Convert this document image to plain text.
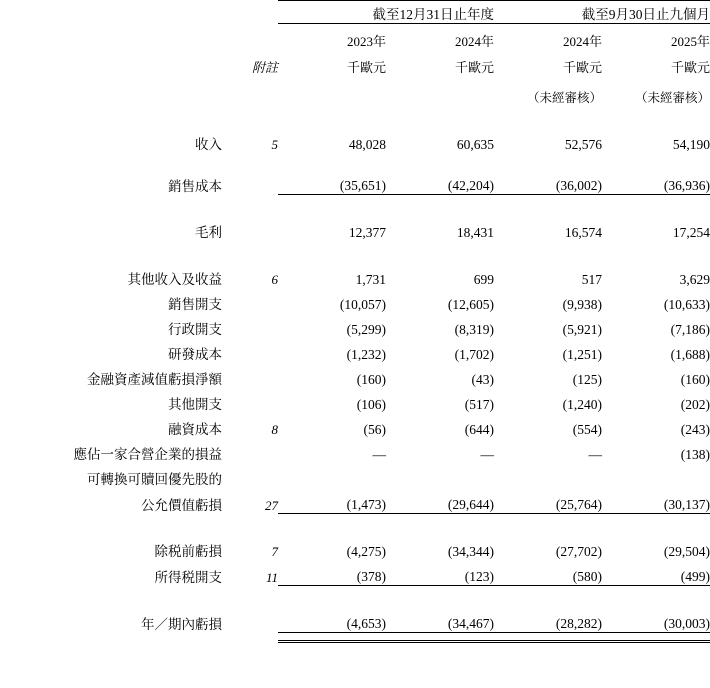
		截至12月31日止年度		截至9月30日止九個月	
		2023年	2024年	2024年	2025年
	附註	千歐元	千歐元	千歐元	千歐元
				（未經審核）	（未經審核）

收入	5	48,028	60,635	52,576	54,190

銷售成本		(35,651)	(42,204)	(36,002)	(36,936)

毛利		12,377	18,431	16,574	17,254

其他收入及收益	6	1,731	699	517	3,629
銷售開支		(10,057)	(12,605)	(9,938)	(10,633)
行政開支		(5,299)	(8,319)	(5,921)	(7,186)
研發成本		(1,232)	(1,702)	(1,251)	(1,688)
金融資產減值虧損淨額		(160)	(43)	(125)	(160)
其他開支		(106)	(517)	(1,240)	(202)
融資成本	8	(56)	(644)	(554)	(243)
應佔一家合營企業的損益		—	—	—	(138)
可轉換可贖回優先股的					
公允價值虧損	27	(1,473)	(29,644)	(25,764)	(30,137)

除税前虧損	7	(4,275)	(34,344)	(27,702)	(29,504)
所得税開支	11	(378)	(123)	(580)	(499)

年／期內虧損		(4,653)	(34,467)	(28,282)	(30,003)
